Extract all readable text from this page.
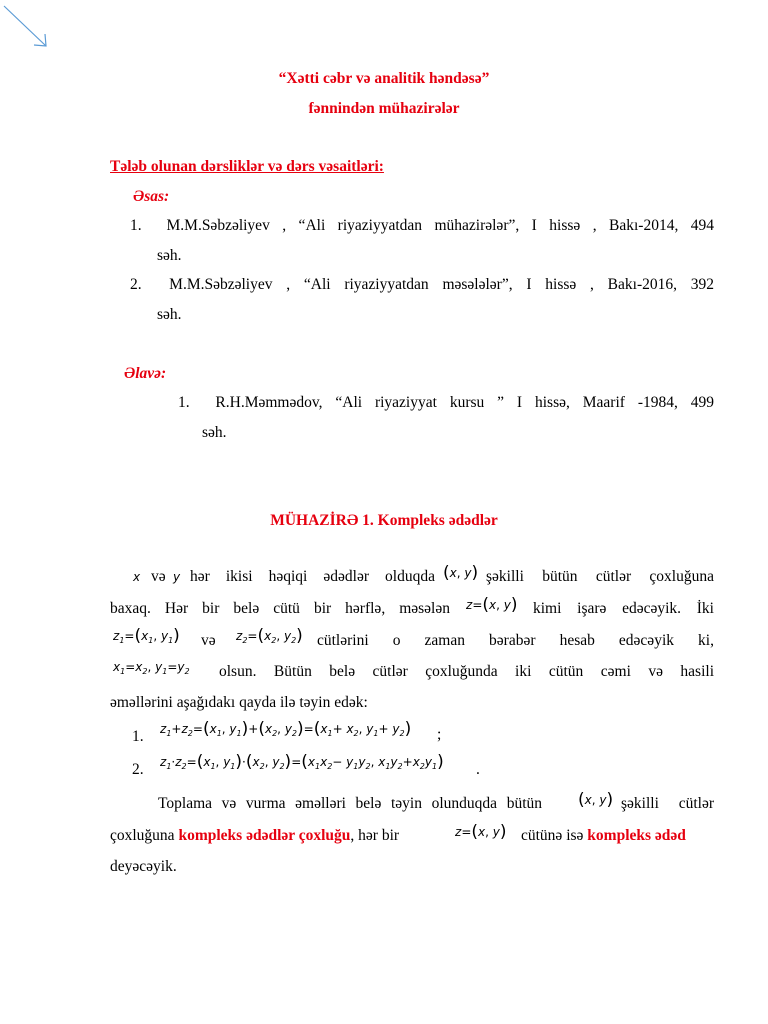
“Xətti cəbr və analitik həndəsə”
fənnindən mühazirələr
Tələb olunan dərsliklər və dərs vəsaitləri:
Əsas:
1. M.M.Səbzəliyev , “Ali riyaziyyatdan mühazirələr”, I hissə , Bakı-2014, 494
səh.
2. M.M.Səbzəliyev , “Ali riyaziyyatdan məsələlər”, I hissə , Bakı-2016, 392
səh.
Əlavə:
1. R.H.Məmmədov, “Ali riyaziyyat kursu ” I hissə, Maarif -1984, 499
səh.
MÜHAZİRƏ 1. Kompleks ədədlər
x və y hər ikisi həqiqi ədədlər olduqda (x, y) şəkilli bütün cütlər çoxluğuna
baxaq. Hər bir belə cütü bir hərflə, məsələn z=(x, y) kimi işarə edəcəyik. İki
$z_1=(x_1$, $y_1$) və $z_2=(x_2$, $y_2$) cütlərini o zaman bərabər hesab edəcəyik ki,
$x_1=x_2$, $y_1=y_2$ olsun. Bütün belə cütlər çoxluğunda iki cütün cəmi və hasili
əməllərini aşağıdakı qayda ilə təyin edək:
1. $z_1+z_2=(x_1$, $y_1)+(x_2$, $y_2)=(x_1+ x_2$, $y_1+ y_2$) ;
2. $z_1\cdot z_2=(x_1$, $y_1)\cdot(x_2$, $y_2)=(x_1x_2- y_1y_2$, $x_1y_2+x_2y_1$) .
Toplama və vurma əməlləri belə təyin olunduqda bütün (x, y) şəkilli cütlər
çoxluğuna kompleks ədədlər çoxluğu, hər bir	z=(x, y) cütünə isə kompleks ədəd
deyəcəyik.
